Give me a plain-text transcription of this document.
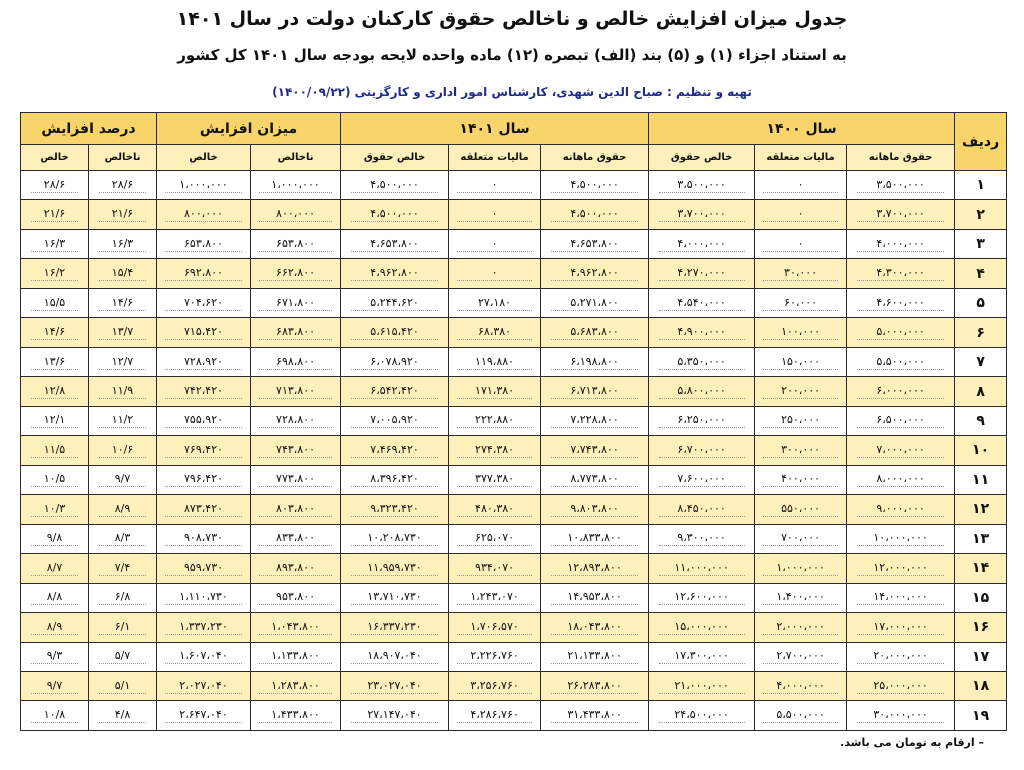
جدول میزان افزایش خالص و ناخالص حقوق کارکنان دولت در سال ۱۴۰۱
به استناد اجزاء (۱) و (۵) بند (الف) تبصره (۱۲) ماده واحده لایحه بودجه سال ۱۴۰۱ کل کشور
تهیه و تنظیم : صباح الدین شهدی، کارشناس امور اداری و کارگزینی (۱۴۰۰/۰۹/۲۲)
ردیف	سال ۱۴۰۰			سال ۱۴۰۱			میزان افزایش		درصد افزایش	
	حقوق ماهانه	مالیات متعلقه	خالص حقوق	حقوق ماهانه	مالیات متعلقه	خالص حقوق	ناخالص	خالص	ناخالص	خالص
۱	۳،۵۰۰،۰۰۰	۰	۳،۵۰۰،۰۰۰	۴،۵۰۰،۰۰۰	۰	۴،۵۰۰،۰۰۰	۱،۰۰۰،۰۰۰	۱،۰۰۰،۰۰۰	۲۸/۶	۲۸/۶
۲	۳،۷۰۰،۰۰۰	۰	۳،۷۰۰،۰۰۰	۴،۵۰۰،۰۰۰	۰	۴،۵۰۰،۰۰۰	۸۰۰،۰۰۰	۸۰۰،۰۰۰	۲۱/۶	۲۱/۶
۳	۴،۰۰۰،۰۰۰	۰	۴،۰۰۰،۰۰۰	۴،۶۵۳،۸۰۰	۰	۴،۶۵۳،۸۰۰	۶۵۳،۸۰۰	۶۵۳،۸۰۰	۱۶/۳	۱۶/۳
۴	۴،۳۰۰،۰۰۰	۳۰،۰۰۰	۴،۲۷۰،۰۰۰	۴،۹۶۲،۸۰۰	۰	۴،۹۶۲،۸۰۰	۶۶۲،۸۰۰	۶۹۲،۸۰۰	۱۵/۴	۱۶/۲
۵	۴،۶۰۰،۰۰۰	۶۰،۰۰۰	۴،۵۴۰،۰۰۰	۵،۲۷۱،۸۰۰	۲۷،۱۸۰	۵،۲۴۴،۶۲۰	۶۷۱،۸۰۰	۷۰۴،۶۲۰	۱۴/۶	۱۵/۵
۶	۵،۰۰۰،۰۰۰	۱۰۰،۰۰۰	۴،۹۰۰،۰۰۰	۵،۶۸۳،۸۰۰	۶۸،۳۸۰	۵،۶۱۵،۴۲۰	۶۸۳،۸۰۰	۷۱۵،۴۲۰	۱۳/۷	۱۴/۶
۷	۵،۵۰۰،۰۰۰	۱۵۰،۰۰۰	۵،۳۵۰،۰۰۰	۶،۱۹۸،۸۰۰	۱۱۹،۸۸۰	۶،۰۷۸،۹۲۰	۶۹۸،۸۰۰	۷۲۸،۹۲۰	۱۲/۷	۱۳/۶
۸	۶،۰۰۰،۰۰۰	۲۰۰،۰۰۰	۵،۸۰۰،۰۰۰	۶،۷۱۳،۸۰۰	۱۷۱،۳۸۰	۶،۵۴۲،۴۲۰	۷۱۳،۸۰۰	۷۴۲،۴۲۰	۱۱/۹	۱۲/۸
۹	۶،۵۰۰،۰۰۰	۲۵۰،۰۰۰	۶،۲۵۰،۰۰۰	۷،۲۲۸،۸۰۰	۲۲۲،۸۸۰	۷،۰۰۵،۹۲۰	۷۲۸،۸۰۰	۷۵۵،۹۲۰	۱۱/۲	۱۲/۱
۱۰	۷،۰۰۰،۰۰۰	۳۰۰،۰۰۰	۶،۷۰۰،۰۰۰	۷،۷۴۳،۸۰۰	۲۷۴،۳۸۰	۷،۴۶۹،۴۲۰	۷۴۳،۸۰۰	۷۶۹،۴۲۰	۱۰/۶	۱۱/۵
۱۱	۸،۰۰۰،۰۰۰	۴۰۰،۰۰۰	۷،۶۰۰،۰۰۰	۸،۷۷۳،۸۰۰	۳۷۷،۳۸۰	۸،۳۹۶،۴۲۰	۷۷۳،۸۰۰	۷۹۶،۴۲۰	۹/۷	۱۰/۵
۱۲	۹،۰۰۰،۰۰۰	۵۵۰،۰۰۰	۸،۴۵۰،۰۰۰	۹،۸۰۳،۸۰۰	۴۸۰،۳۸۰	۹،۳۲۳،۴۲۰	۸۰۳،۸۰۰	۸۷۳،۴۲۰	۸/۹	۱۰/۳
۱۳	۱۰،۰۰۰،۰۰۰	۷۰۰،۰۰۰	۹،۳۰۰،۰۰۰	۱۰،۸۳۳،۸۰۰	۶۲۵،۰۷۰	۱۰،۲۰۸،۷۳۰	۸۳۳،۸۰۰	۹۰۸،۷۳۰	۸/۳	۹/۸
۱۴	۱۲،۰۰۰،۰۰۰	۱،۰۰۰،۰۰۰	۱۱،۰۰۰،۰۰۰	۱۲،۸۹۳،۸۰۰	۹۳۴،۰۷۰	۱۱،۹۵۹،۷۳۰	۸۹۳،۸۰۰	۹۵۹،۷۳۰	۷/۴	۸/۷
۱۵	۱۴،۰۰۰،۰۰۰	۱،۴۰۰،۰۰۰	۱۲،۶۰۰،۰۰۰	۱۴،۹۵۳،۸۰۰	۱،۲۴۳،۰۷۰	۱۳،۷۱۰،۷۳۰	۹۵۳،۸۰۰	۱،۱۱۰،۷۳۰	۶/۸	۸/۸
۱۶	۱۷،۰۰۰،۰۰۰	۲،۰۰۰،۰۰۰	۱۵،۰۰۰،۰۰۰	۱۸،۰۴۳،۸۰۰	۱،۷۰۶،۵۷۰	۱۶،۳۳۷،۲۳۰	۱،۰۴۳،۸۰۰	۱،۳۳۷،۲۳۰	۶/۱	۸/۹
۱۷	۲۰،۰۰۰،۰۰۰	۲،۷۰۰،۰۰۰	۱۷،۳۰۰،۰۰۰	۲۱،۱۳۳،۸۰۰	۲،۲۲۶،۷۶۰	۱۸،۹۰۷،۰۴۰	۱،۱۳۳،۸۰۰	۱،۶۰۷،۰۴۰	۵/۷	۹/۳
۱۸	۲۵،۰۰۰،۰۰۰	۴،۰۰۰،۰۰۰	۲۱،۰۰۰،۰۰۰	۲۶،۲۸۳،۸۰۰	۳،۲۵۶،۷۶۰	۲۳،۰۲۷،۰۴۰	۱،۲۸۳،۸۰۰	۲،۰۲۷،۰۴۰	۵/۱	۹/۷
۱۹	۳۰،۰۰۰،۰۰۰	۵،۵۰۰،۰۰۰	۲۴،۵۰۰،۰۰۰	۳۱،۴۳۳،۸۰۰	۴،۲۸۶،۷۶۰	۲۷،۱۴۷،۰۴۰	۱،۴۳۳،۸۰۰	۲،۶۴۷،۰۴۰	۴/۸	۱۰/۸
– ارقام به تومان می باشد.
